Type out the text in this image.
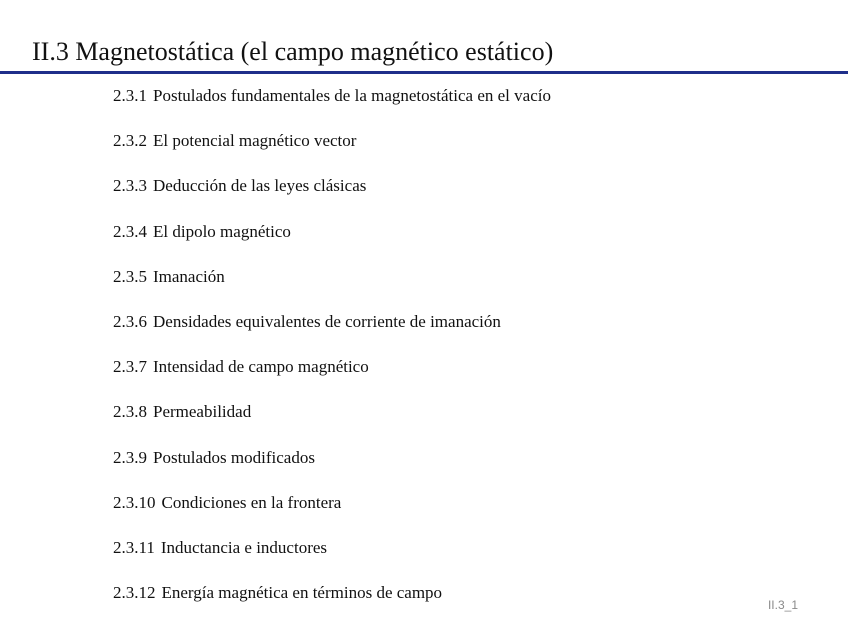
II.3 Magnetostática (el campo magnético estático)
2.3.1 Postulados fundamentales de la magnetostática en el vacío
2.3.2 El potencial magnético vector
2.3.3 Deducción de las leyes clásicas
2.3.4 El dipolo magnético
2.3.5 Imanación
2.3.6 Densidades equivalentes de corriente de imanación
2.3.7 Intensidad de campo magnético
2.3.8 Permeabilidad
2.3.9 Postulados modificados
2.3.10 Condiciones en la frontera
2.3.11 Inductancia e inductores
2.3.12 Energía magnética en términos de campo
II.3_1
